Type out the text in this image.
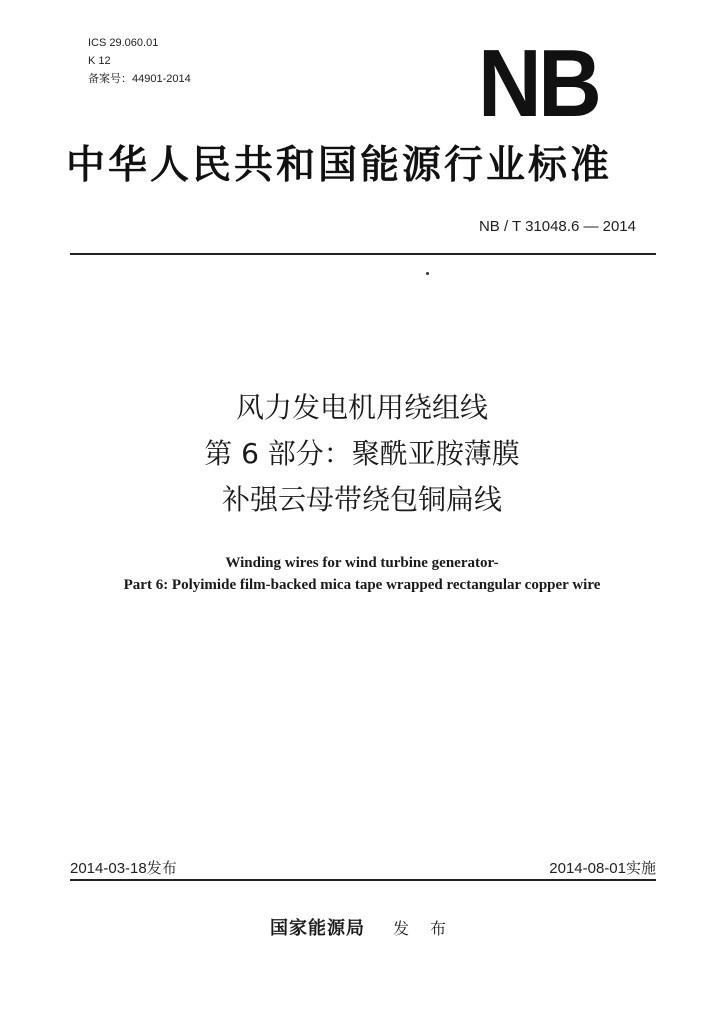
ICS 29.060.01
K 12
备案号：44901-2014	NB
中华人民共和国能源行业标准
NB / T 31048.6 — 2014
风力发电机用绕组线
第 6 部分：聚酰亚胺薄膜
补强云母带绕包铜扁线
Winding wires for wind turbine generator-
Part 6: Polyimide film-backed mica tape wrapped rectangular copper wire
2014-03-18发布	2014-08-01实施
国家能源局 发 布
